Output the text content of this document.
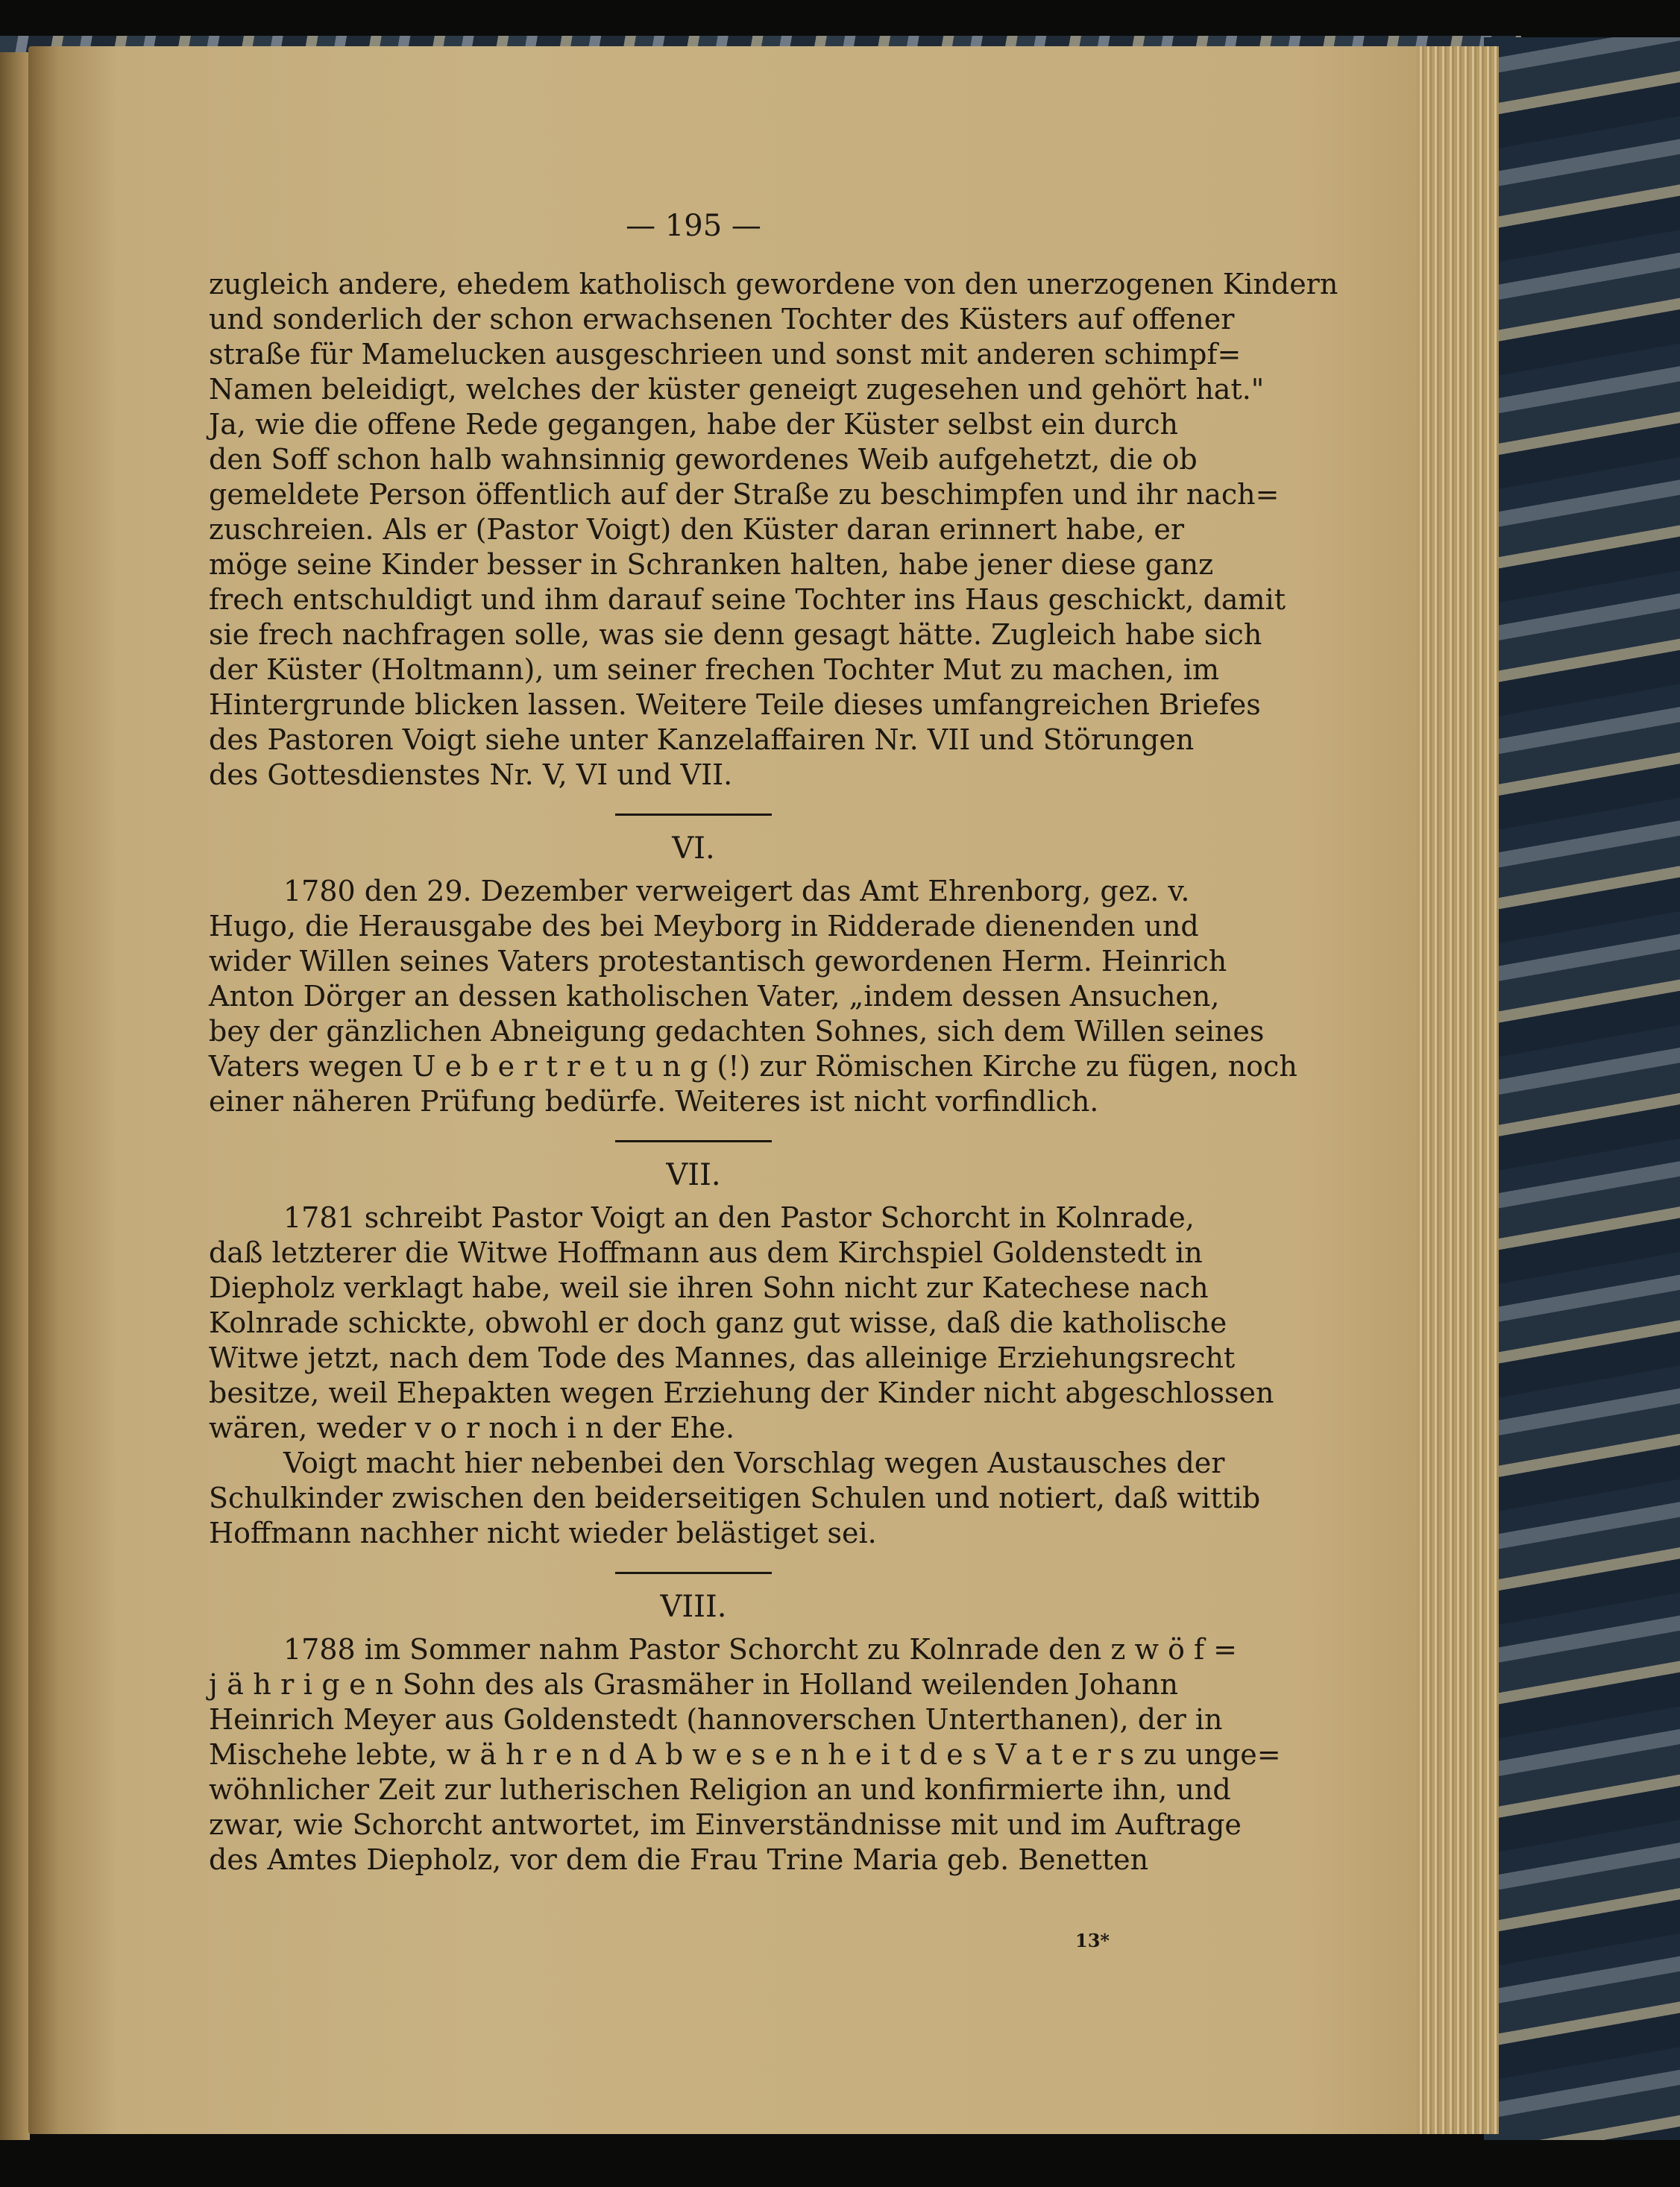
— 195 —
zugleich andere, ehedem katholisch gewordene von den unerzogenen Kindern
und sonderlich der schon erwachsenen Tochter des Küsters auf offener
straße für Mamelucken ausgeschrieen und sonst mit anderen schimpf=
Namen beleidigt, welches der küster geneigt zugesehen und gehört hat."
Ja, wie die offene Rede gegangen, habe der Küster selbst ein durch
den Soff schon halb wahnsinnig gewordenes Weib aufgehetzt, die ob
gemeldete Person öffentlich auf der Straße zu beschimpfen und ihr nach=
zuschreien. Als er (Pastor Voigt) den Küster daran erinnert habe, er
möge seine Kinder besser in Schranken halten, habe jener diese ganz
frech entschuldigt und ihm darauf seine Tochter ins Haus geschickt, damit
sie frech nachfragen solle, was sie denn gesagt hätte. Zugleich habe sich
der Küster (Holtmann), um seiner frechen Tochter Mut zu machen, im
Hintergrunde blicken lassen. Weitere Teile dieses umfangreichen Briefes
des Pastoren Voigt siehe unter Kanzelaffairen Nr. VII und Störungen
des Gottesdienstes Nr. V, VI und VII.
VI.
1780 den 29. Dezember verweigert das Amt Ehrenborg, gez. v.
Hugo, die Herausgabe des bei Meyborg in Ridderade dienenden und
wider Willen seines Vaters protestantisch gewordenen Herm. Heinrich
Anton Dörger an dessen katholischen Vater, „indem dessen Ansuchen,
bey der gänzlichen Abneigung gedachten Sohnes, sich dem Willen seines
Vaters wegen U e b e r t r e t u n g (!) zur Römischen Kirche zu fügen, noch
einer näheren Prüfung bedürfe. Weiteres ist nicht vorfindlich.
VII.
1781 schreibt Pastor Voigt an den Pastor Schorcht in Kolnrade,
daß letzterer die Witwe Hoffmann aus dem Kirchspiel Goldenstedt in
Diepholz verklagt habe, weil sie ihren Sohn nicht zur Katechese nach
Kolnrade schickte, obwohl er doch ganz gut wisse, daß die katholische
Witwe jetzt, nach dem Tode des Mannes, das alleinige Erziehungsrecht
besitze, weil Ehepakten wegen Erziehung der Kinder nicht abgeschlossen
wären, weder v o r noch i n der Ehe.
Voigt macht hier nebenbei den Vorschlag wegen Austausches der
Schulkinder zwischen den beiderseitigen Schulen und notiert, daß wittib
Hoffmann nachher nicht wieder belästiget sei.
VIII.
1788 im Sommer nahm Pastor Schorcht zu Kolnrade den z w ö f =
j ä h r i g e n Sohn des als Grasmäher in Holland weilenden Johann
Heinrich Meyer aus Goldenstedt (hannoverschen Unterthanen), der in
Mischehe lebte, w ä h r e n d A b w e s e n h e i t d e s V a t e r s zu unge=
wöhnlicher Zeit zur lutherischen Religion an und konfirmierte ihn, und
zwar, wie Schorcht antwortet, im Einverständnisse mit und im Auftrage
des Amtes Diepholz, vor dem die Frau Trine Maria geb. Benetten
13*
